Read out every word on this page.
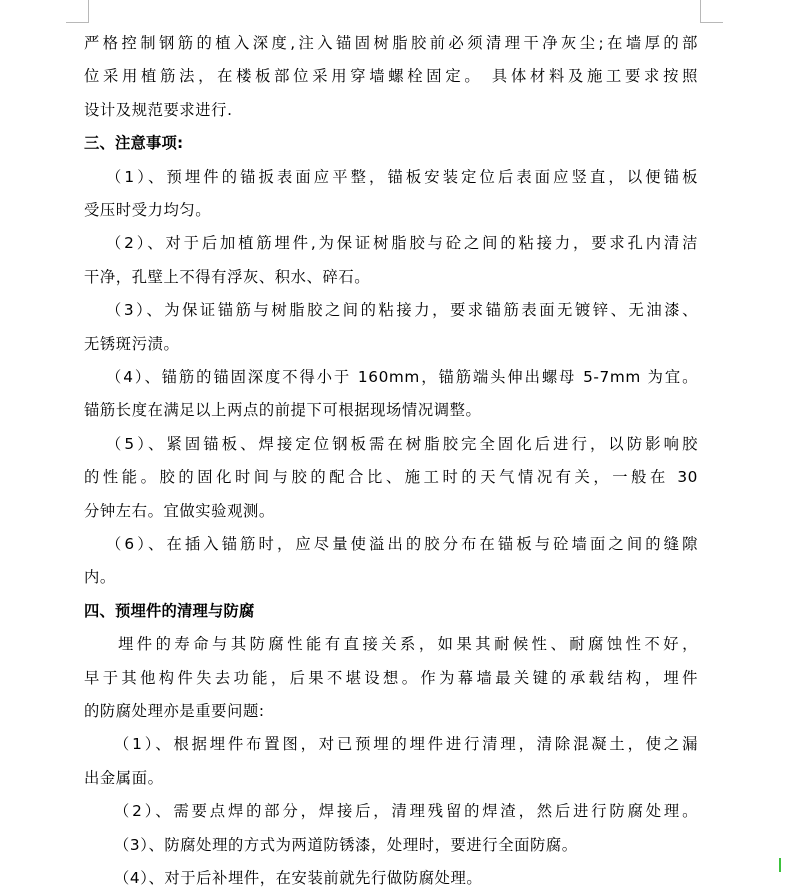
严格控制钢筋的植入深度,注入锚固树脂胶前必须清理干净灰尘;在墙厚的部
位采用植筋法，在楼板部位采用穿墙螺栓固定。 具体材料及施工要求按照
设计及规范要求进行.
三、注意事项:
（1）、预埋件的锚扳表面应平整，锚板安装定位后表面应竖直，以便锚板
受压时受力均匀。
（2）、对于后加植筋埋件,为保证树脂胶与砼之间的粘接力，要求孔内清洁
干净，孔壁上不得有浮灰、积水、碎石。
（3）、为保证锚筋与树脂胶之间的粘接力，要求锚筋表面无镀锌、无油漆、
无锈斑污渍。
（4）、锚筋的锚固深度不得小于 160mm，锚筋端头伸出螺母 5-7mm 为宜。
锚筋长度在满足以上两点的前提下可根据现场情况调整。
（5）、紧固锚板、焊接定位钢板需在树脂胶完全固化后进行，以防影响胶
的性能。胶的固化时间与胶的配合比、施工时的天气情况有关，一般在 30
分钟左右。宜做实验观测。
（6）、在插入锚筋时，应尽量使溢出的胶分布在锚板与砼墙面之间的缝隙
内。
四、预埋件的清理与防腐
埋件的寿命与其防腐性能有直接关系，如果其耐候性、耐腐蚀性不好，
早于其他构件失去功能，后果不堪设想。作为幕墙最关键的承载结构，埋件
的防腐处理亦是重要问题:
（1）、根据埋件布置图，对已预埋的埋件进行清理，清除混凝土，使之漏
出金属面。
（2）、需要点焊的部分，焊接后，清理残留的焊渣，然后进行防腐处理。
（3）、防腐处理的方式为两道防锈漆，处理时，要进行全面防腐。
（4）、对于后补埋件，在安装前就先行做防腐处理。
